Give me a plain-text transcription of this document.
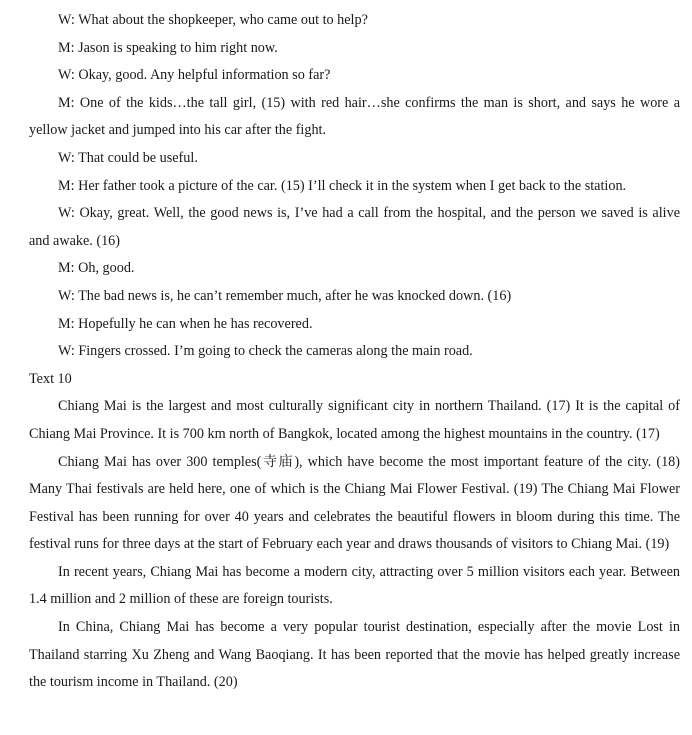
W: What about the shopkeeper, who came out to help?

M: Jason is speaking to him right now.

W: Okay, good. Any helpful information so far?

M: One of the kids…the tall girl, (15) with red hair…she confirms the man is short, and says he wore a yellow jacket and jumped into his car after the fight.

W: That could be useful.

M: Her father took a picture of the car. (15) I’ll check it in the system when I get back to the station.

W: Okay, great. Well, the good news is, I’ve had a call from the hospital, and the person we saved is alive and awake. (16)

M: Oh, good.

W: The bad news is, he can’t remember much, after he was knocked down. (16)

M: Hopefully he can when he has recovered.

W: Fingers crossed. I’m going to check the cameras along the main road.

Text 10

Chiang Mai is the largest and most culturally significant city in northern Thailand. (17) It is the capital of Chiang Mai Province. It is 700 km north of Bangkok, located among the highest mountains in the country. (17)

Chiang Mai has over 300 temples(寺庙), which have become the most important feature of the city. (18) Many Thai festivals are held here, one of which is the Chiang Mai Flower Festival. (19) The Chiang Mai Flower Festival has been running for over 40 years and celebrates the beautiful flowers in bloom during this time. The festival runs for three days at the start of February each year and draws thousands of visitors to Chiang Mai. (19)

In recent years, Chiang Mai has become a modern city, attracting over 5 million visitors each year. Between 1.4 million and 2 million of these are foreign tourists.

In China, Chiang Mai has become a very popular tourist destination, especially after the movie Lost in Thailand starring Xu Zheng and Wang Baoqiang. It has been reported that the movie has helped greatly increase the tourism income in Thailand. (20)
